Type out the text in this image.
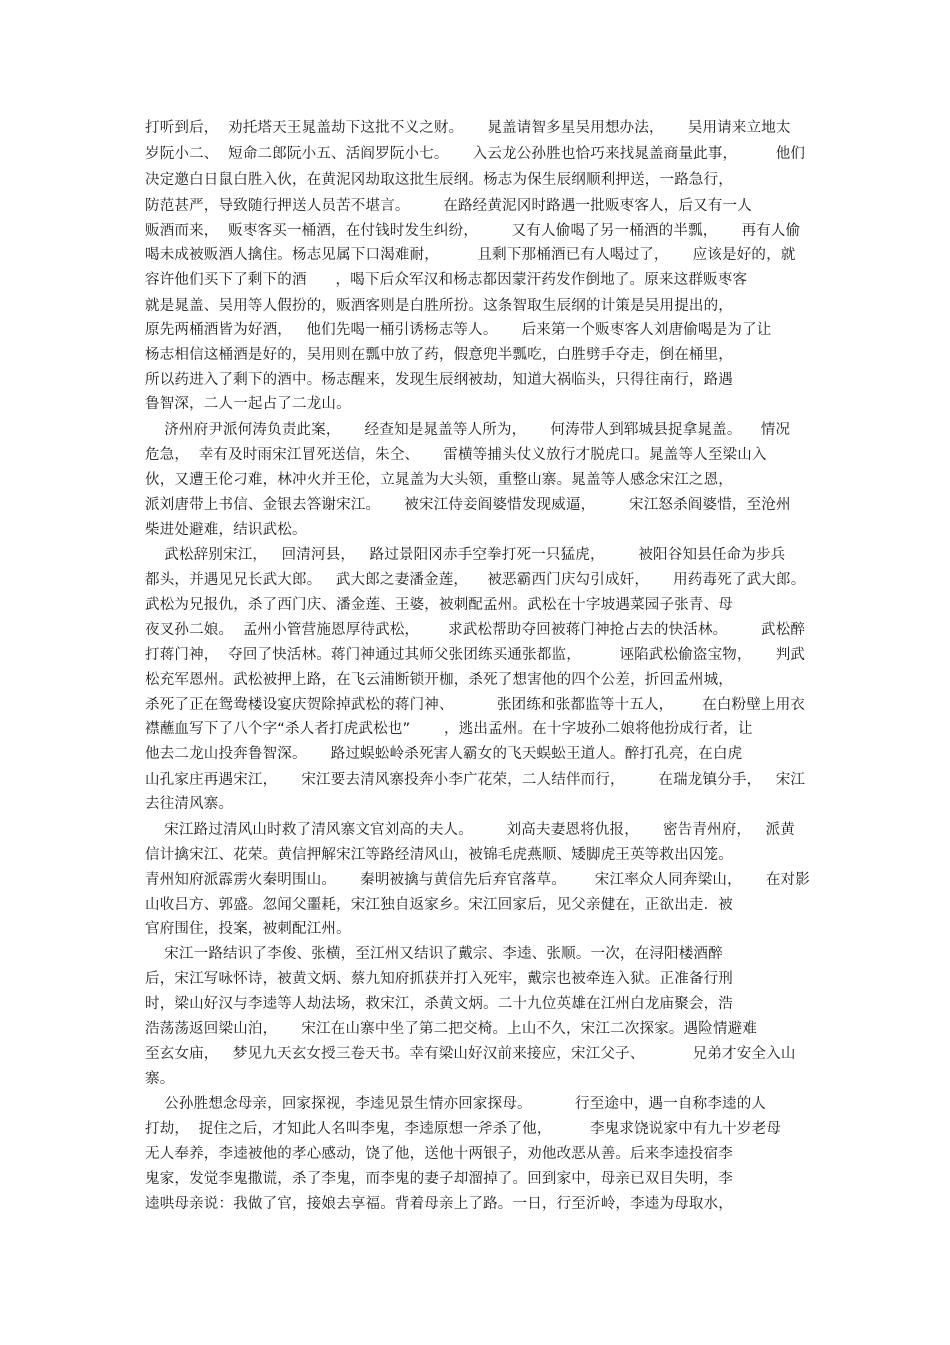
打听到后，  劝托塔天王晁盖劫下这批不义之财。     晁盖请智多星吴用想办法，     吴用请来立地太
岁阮小二、  短命二郎阮小五、活阎罗阮小七。     入云龙公孙胜也恰巧来找晁盖商量此事，        他们
决定邀白日鼠白胜入伙，在黄泥冈劫取这批生辰纲。杨志为保生辰纲顺利押送，一路急行，
防范甚严，导致随行押送人员苦不堪言。       在路经黄泥冈时路遇一批贩枣客人，后又有一人
贩酒而来，  贩枣客买一桶酒，在付钱时发生纠纷，       又有人偷喝了另一桶酒的半瓢，     再有人偷
喝未成被贩酒人擒住。杨志见属下口渴难耐，        且剩下那桶酒已有人喝过了，     应该是好的，就
容许他们买下了剩下的酒      ，喝下后众军汉和杨志都因蒙汗药发作倒地了。原来这群贩枣客
就是晁盖、吴用等人假扮的，贩酒客则是白胜所扮。这条智取生辰纲的计策是吴用提出的，
原先两桶酒皆为好酒，   他们先喝一桶引诱杨志等人。     后来第一个贩枣客人刘唐偷喝是为了让
杨志相信这桶酒是好的，吴用则在瓢中放了药，假意兜半瓢吃，白胜劈手夺走，倒在桶里，
所以药进入了剩下的酒中。杨志醒来，发现生辰纲被劫，知道大祸临头，只得往南行，路遇
鲁智深，二人一起占了二龙山。
济州府尹派何涛负责此案，     经查知是晁盖等人所为，     何涛带人到郓城县捉拿晁盖。    情况
危急，  幸有及时雨宋江冒死送信，朱仝、     雷横等捕头仗义放行才脱虎口。晁盖等人至梁山入
伙，又遭王伦刁难，林冲火并王伦，立晁盖为大头领，重整山寨。晁盖等人感念宋江之恩，
派刘唐带上书信、金银去答谢宋江。     被宋江侍妾阎婆惜发现威逼，       宋江怒杀阎婆惜，至沧州
柴进处避难，结识武松。
武松辞别宋江，   回清河县，   路过景阳冈赤手空拳打死一只猛虎，       被阳谷知县任命为步兵
都头，并遇见兄长武大郎。   武大郎之妻潘金莲，    被恶霸西门庆勾引成奸，     用药毒死了武大郎。
武松为兄报仇，杀了西门庆、潘金莲、王婆，被刺配孟州。武松在十字坡遇菜园子张青、母
夜叉孙二娘。  孟州小管营施恩厚待武松，      求武松帮助夺回被蒋门神抢占去的快活林。       武松醉
打蒋门神，  夺回了快活林。蒋门神通过其师父张团练买通张都监，        诬陷武松偷盗宝物，     判武
松充军恩州。武松被押上路，在飞云浦断锁开枷，杀死了想害他的四个公差，折回孟州城，
杀死了正在鸳鸯楼设宴庆贺除掉武松的蒋门神、         张团练和张都监等十五人，      在白粉壁上用衣
襟蘸血写下了八个字“杀人者打虎武松也”       ，逃出孟州。在十字坡孙二娘将他扮成行者，让
他去二龙山投奔鲁智深。     路过蜈蚣岭杀死害人霸女的飞天蜈蚣王道人。醉打孔亮，在白虎
山孔家庄再遇宋江，     宋江要去清风寨投奔小李广花荣，二人结伴而行，       在瑞龙镇分手，   宋江
去往清风寨。
宋江路过清风山时救了清风寨文官刘高的夫人。       刘高夫妻恩将仇报，     密告青州府，   派黄
信计擒宋江、花荣。黄信押解宋江等路经清风山，被锦毛虎燕顺、矮脚虎王英等救出囚笼。
青州知府派霹雳火秦明围山。     秦明被擒与黄信先后弃官落草。      宋江率众人同奔梁山，     在对影
山收吕方、郭盛。忽闻父噩耗，宋江独自返家乡。宋江回家后，见父亲健在，正欲出走．被
官府围住，投案，被刺配江州。
宋江一路结识了李俊、张横，至江州又结识了戴宗、李逵、张顺。一次，在浔阳楼酒醉
后，宋江写咏怀诗，被黄文炳、蔡九知府抓获并打入死牢，戴宗也被牵连入狱。正准备行刑
时，梁山好汉与李逵等人劫法场，救宋江，杀黄文炳。二十九位英雄在江州白龙庙聚会，浩
浩荡荡返回梁山泊，     宋江在山寨中坐了第二把交椅。上山不久，宋江二次探家。遇险情避难
至玄女庙，   梦见九天玄女授三卷天书。幸有梁山好汉前来接应，宋江父子、          兄弟才安全入山
寨。
公孙胜想念母亲，回家探视，李逵见景生情亦回家探母。         行至途中，遇一自称李逵的人
打劫，  捉住之后，才知此人名叫李鬼，李逵原想一斧杀了他，        李鬼求饶说家中有九十岁老母
无人奉养，李逵被他的孝心感动，饶了他，送他十两银子，劝他改恶从善。后来李逵投宿李
鬼家，发觉李鬼撒谎，杀了李鬼，而李鬼的妻子却溜掉了。回到家中，母亲已双目失明，李
逵哄母亲说：我做了官，接娘去享福。背着母亲上了路。一日，行至沂岭，李逵为母取水，
